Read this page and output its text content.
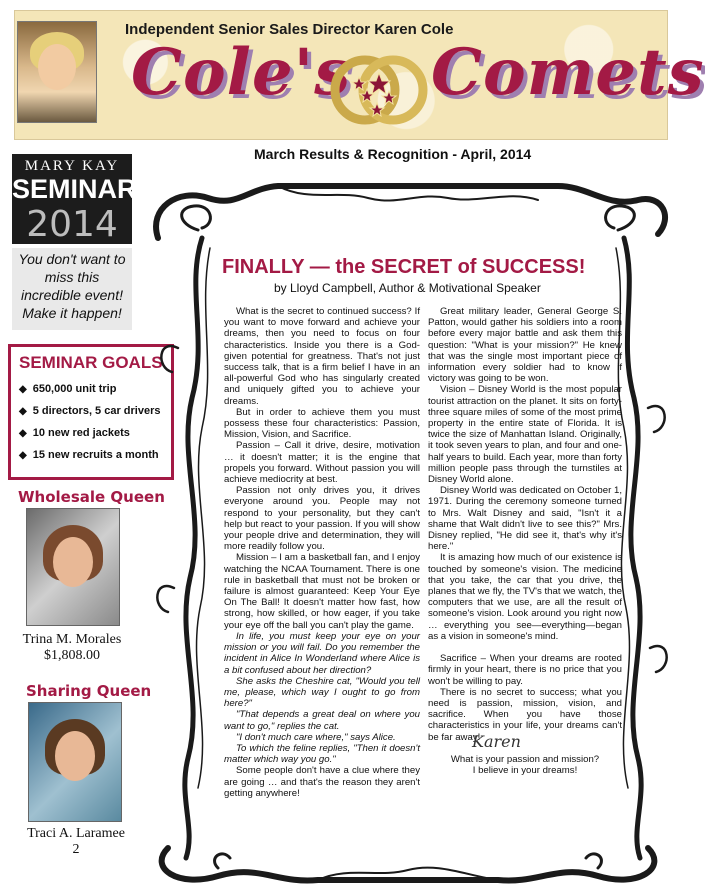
Independent Senior Sales Director Karen Cole
Cole's Comets
March Results & Recognition - April, 2014
MARY KAY
SEMINAR
2014
You don't want to
miss this
incredible event!
Make it happen!
SEMINAR GOALS
◆ 650,000 unit trip
◆ 5 directors, 5 car drivers
◆ 10 new red jackets
◆ 15 new recruits a month
Wholesale Queen
Trina M. Morales
$1,808.00
Sharing Queen
Traci A. Laramee
2
FINALLY — the SECRET of SUCCESS!
by Lloyd Campbell, Author & Motivational Speaker

What is the secret to continued success? If you want to move forward and achieve your dreams, then you need to focus on four characteristics. Inside you there is a God-given potential for greatness. That's not just success talk, that is a firm belief I have in an all-powerful God who has singularly created and uniquely gifted you to achieve your dreams.

But in order to achieve them you must possess these four characteristics: Passion, Mission, Vision, and Sacrifice.

Passion – Call it drive, desire, motivation … it doesn't matter; it is the engine that propels you forward. Without passion you will achieve mediocrity at best.

Passion not only drives you, it drives everyone around you. People may not respond to your personality, but they can't help but react to your passion. If you will show your people drive and determination, they will more readily follow you.

Mission – I am a basketball fan, and I enjoy watching the NCAA Tournament. There is one rule in basketball that must not be broken or failure is almost guaranteed: Keep Your Eye On The Ball! It doesn't matter how fast, how strong, how skilled, or how eager, if you take your eye off the ball you can't play the game.

In life, you must keep your eye on your mission or you will fail. Do you remember the incident in Alice In Wonderland where Alice is a bit confused about her direction?

She asks the Cheshire cat, "Would you tell me, please, which way I ought to go from here?"

"That depends a great deal on where you want to go," replies the cat.

"I don't much care where," says Alice.

To which the feline replies, "Then it doesn't matter which way you go."

Some people don't have a clue where they are going … and that's the reason they aren't getting anywhere!

Great military leader, General George S. Patton, would gather his soldiers into a room before every major battle and ask them this question: "What is your mission?" He knew that was the single most important piece of information every soldier had to know if victory was going to be won.

Vision – Disney World is the most popular tourist attraction on the planet. It sits on forty-three square miles of some of the most prime property in the entire state of Florida. It is twice the size of Manhattan Island. Originally, it took seven years to plan, and four and one-half years to build. Each year, more than forty million people pass through the turnstiles at Disney World alone.

Disney World was dedicated on October 1, 1971. During the ceremony someone turned to Mrs. Walt Disney and said, "Isn't it a shame that Walt didn't live to see this?" Mrs. Disney replied, "He did see it, that's why it's here."

It is amazing how much of our existence is touched by someone's vision. The medicine that you take, the car that you drive, the planes that we fly, the TV's that we watch, the computers that we use, are all the result of someone's vision. Look around you right now … everything you see—everything—began as a vision in someone's mind.

Sacrifice – When your dreams are rooted firmly in your heart, there is no price that you won't be willing to pay.

There is no secret to success; what you need is passion, mission, vision, and sacrifice. When you have those characteristics in your life, your dreams can't be far away!

What is your passion and mission?

I believe in your dreams!

Karen
